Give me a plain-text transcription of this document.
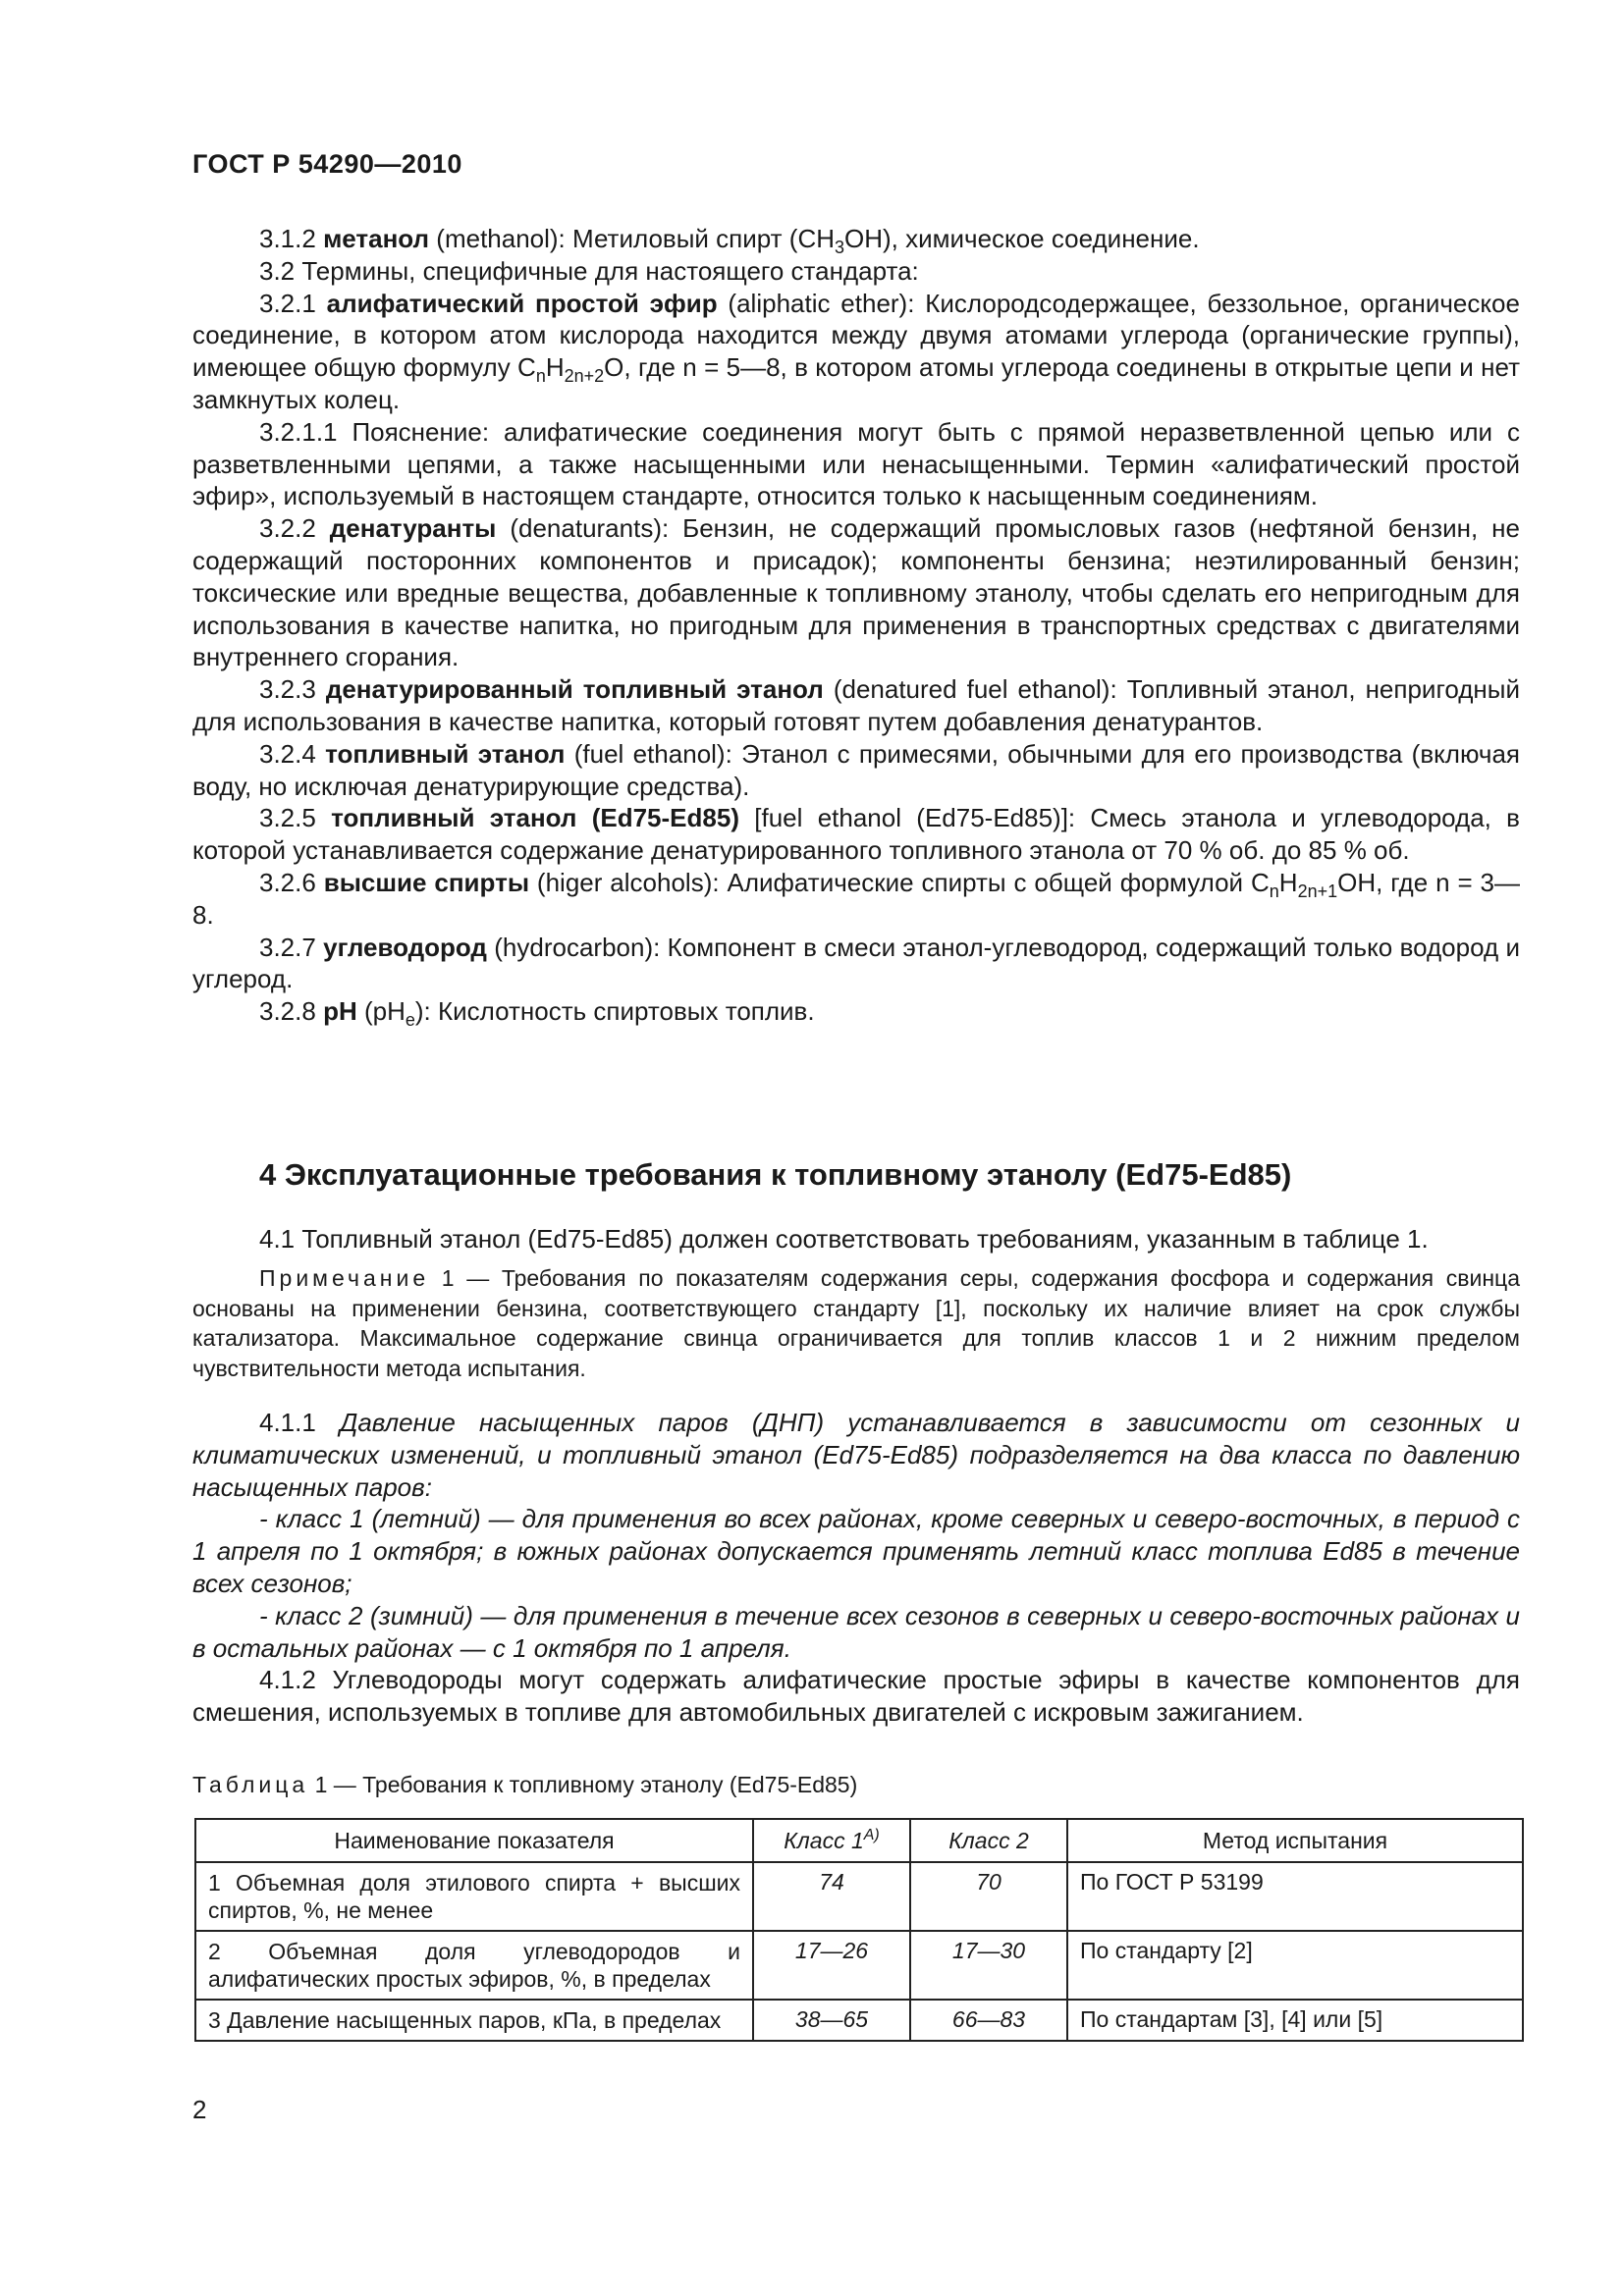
ГОСТ Р 54290—2010

3.1.2 метанол (methanol): Метиловый спирт $(CH_3OH)$, химическое соединение.

3.2 Термины, специфичные для настоящего стандарта:

3.2.1 алифатический простой эфир (aliphatic ether): Кислородсодержащее, беззольное, органическое соединение, в котором атом кислорода находится между двумя атомами углерода (органические группы), имеющее общую формулу $C_nH_{2n+2}O$, где n = 5—8, в котором атомы углерода соединены в открытые цепи и нет замкнутых колец.

3.2.1.1 Пояснение: алифатические соединения могут быть с прямой неразветвленной цепью или с разветвленными цепями, а также насыщенными или ненасыщенными. Термин «алифатический простой эфир», используемый в настоящем стандарте, относится только к насыщенным соединениям.

3.2.2 денатуранты (denaturants): Бензин, не содержащий промысловых газов (нефтяной бензин, не содержащий посторонних компонентов и присадок); компоненты бензина; неэтилированный бензин; токсические или вредные вещества, добавленные к топливному этанолу, чтобы сделать его непригодным для использования в качестве напитка, но пригодным для применения в транспортных средствах с двигателями внутреннего сгорания.

3.2.3 денатурированный топливный этанол (denatured fuel ethanol): Топливный этанол, непригодный для использования в качестве напитка, который готовят путем добавления денатурантов.

3.2.4 топливный этанол (fuel ethanol): Этанол с примесями, обычными для его производства (включая воду, но исключая денатурирующие средства).

3.2.5 топливный этанол (Ed75-Ed85) [fuel ethanol (Ed75-Ed85)]: Смесь этанола и углеводорода, в которой устанавливается содержание денатурированного топливного этанола от 70 % об. до 85 % об.

3.2.6 высшие спирты (higer alcohols): Алифатические спирты с общей формулой $C_nH_{2n+1}OH$, где n = 3—8.

3.2.7 углеводород (hydrocarbon): Компонент в смеси этанол-углеводород, содержащий только водород и углерод.

3.2.8 pH $(pH_e)$: Кислотность спиртовых топлив.

4 Эксплуатационные требования к топливному этанолу (Ed75-Ed85)

4.1 Топливный этанол (Ed75-Ed85) должен соответствовать требованиям, указанным в таблице 1.

Примечание 1 — Требования по показателям содержания серы, содержания фосфора и содержания свинца основаны на применении бензина, соответствующего стандарту [1], поскольку их наличие влияет на срок службы катализатора. Максимальное содержание свинца ограничивается для топлив классов 1 и 2 нижним пределом чувствительности метода испытания.

4.1.1 Давление насыщенных паров (ДНП) устанавливается в зависимости от сезонных и климатических изменений, и топливный этанол (Ed75-Ed85) подразделяется на два класса по давлению насыщенных паров:

- класс 1 (летний) — для применения во всех районах, кроме северных и северо-восточных, в период с 1 апреля по 1 октября; в южных районах допускается применять летний класс топлива Ed85 в течение всех сезонов;

- класс 2 (зимний) — для применения в течение всех сезонов в северных и северо-восточных районах и в остальных районах — с 1 октября по 1 апреля.

4.1.2 Углеводороды могут содержать алифатические простые эфиры в качестве компонентов для смешения, используемых в топливе для автомобильных двигателей с искровым зажиганием.

Таблица 1 — Требования к топливному этанолу (Ed75-Ed85)
Наименование показателя	Класс $1^{A)}$	Класс 2	Метод испытания
1 Объемная доля этилового спирта + высших спиртов, %, не менее	74	70	По ГОСТ Р 53199
2 Объемная доля углеводородов и алифатических простых эфиров, %, в пределах	17—26	17—30	По стандарту [2]
3 Давление насыщенных паров, кПа, в пределах	38—65	66—83	По стандартам [3], [4] или [5]
2
